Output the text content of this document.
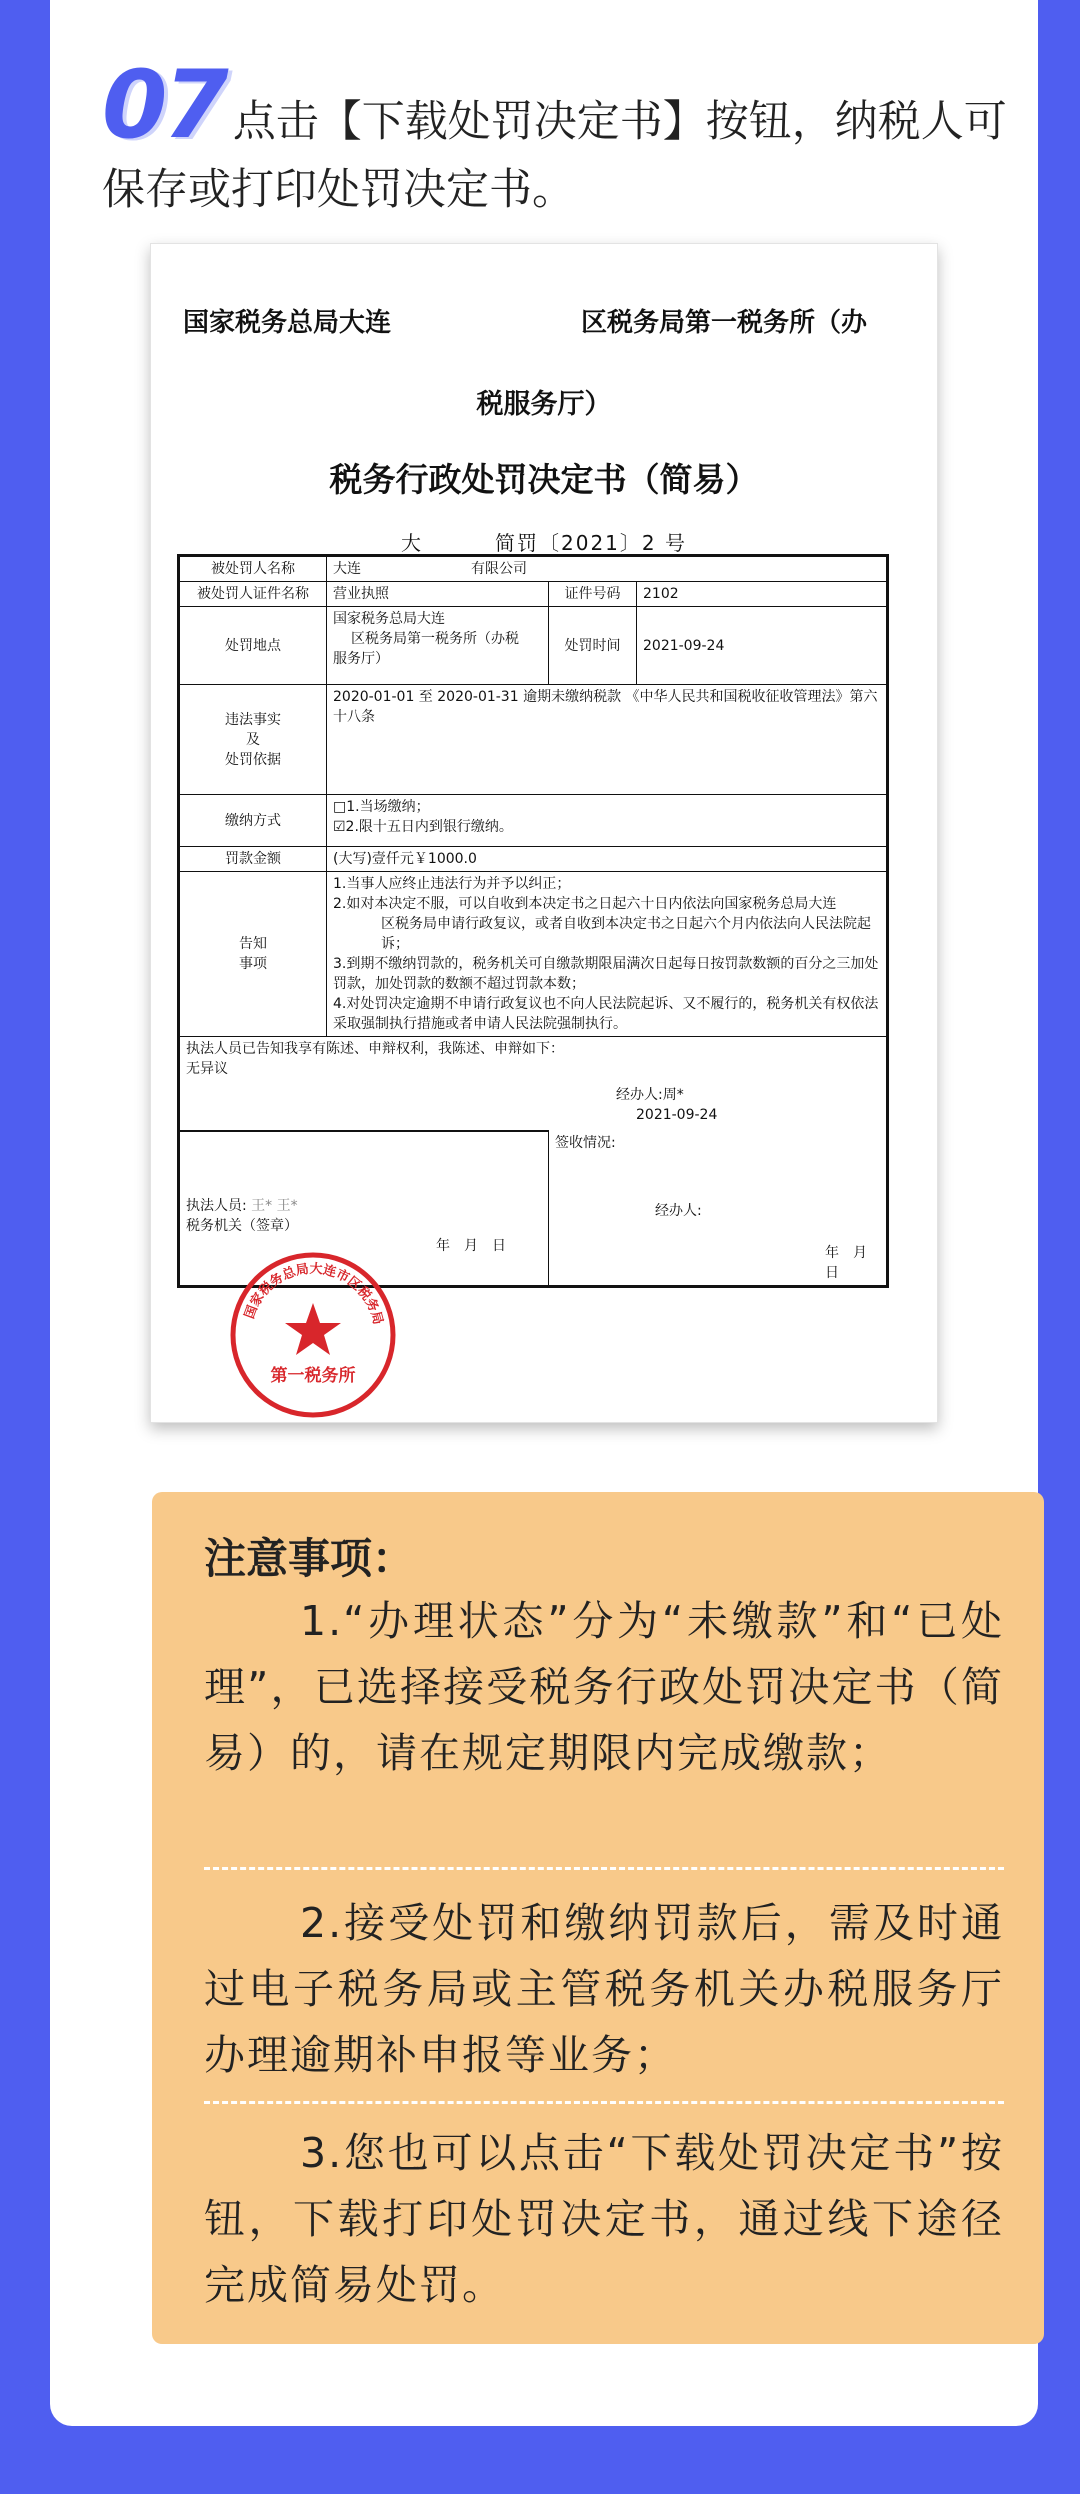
07 点击【下载处罚决定书】按钮，纳税人可保存或打印处罚决定书。
国家税务总局大连	区税务局第一税务所（办
税服务厅）
税务行政处罚决定书（简易）
大	简罚〔2021〕2 号
被处罚人名称	大连 有限公司		
被处罚人证件名称	营业执照	证件号码	2102
处罚地点	国家税务总局大连
区税务局第一税务所（办税
服务厅）	处罚时间	2021-09-24

违法事实
及
处罚依据	2020-01-01 至 2020-01-31 逾期未缴纳税款 《中华人民共和国税收征收管理法》第六十八条		
缴纳方式	□1.当场缴纳；
☑2.限十五日内到银行缴纳。		

罚款金额	(大写)壹仟元￥1000.0		

告知
事项	1.当事人应终止违法行为并予以纠正；
2.如对本决定不服，可以自收到本决定书之日起六十日内依法向国家税务总局大连
区税务局申请行政复议，或者自收到本决定书之日起六个月内依法向人民法院起诉；
3.到期不缴纳罚款的，税务机关可自缴款期限届满次日起每日按罚款数额的百分之三加处罚款，加处罚款的数额不超过罚款本数；
4.对处罚决定逾期不申请行政复议也不向人民法院起诉、又不履行的，税务机关有权依法采取强制执行措施或者申请人民法院强制执行。		

执法人员已告知我享有陈述、申辩权利，我陈述、申辩如下：
无异议
经办人:周*
2021-09-24			

执法人员: 王* 王*
税务机关（签章）
年　月　日		签收情况:
经办人:
年　月　日	
国家税务总局大连市区税务局
第一税务所
注意事项：
1.“办理状态”分为“未缴款”和“已处理”，已选择接受税务行政处罚决定书（简易）的，请在规定期限内完成缴款；
2.接受处罚和缴纳罚款后，需及时通过电子税务局或主管税务机关办税服务厅办理逾期补申报等业务；
3.您也可以点击“下载处罚决定书”按钮，下载打印处罚决定书，通过线下途径完成简易处罚。
